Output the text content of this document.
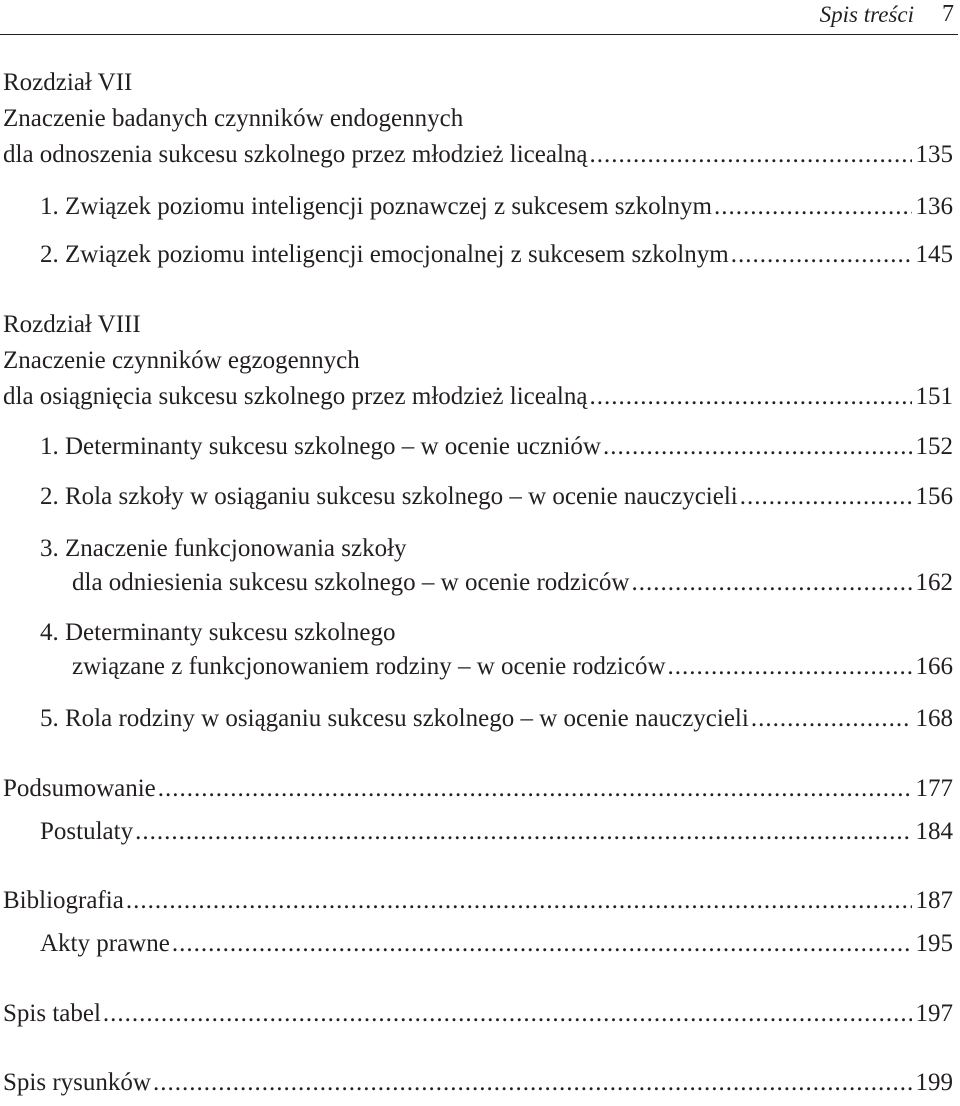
Spis treści 7
Rozdział VII
Znaczenie badanych czynników endogennych
dla odnoszenia sukcesu szkolnego przez młodzież licealną .....	135
1. Związek poziomu inteligencji poznawczej z sukcesem szkolnym .....	136
2. Związek poziomu inteligencji emocjonalnej z sukcesem szkolnym .....	145
Rozdział VIII
Znaczenie czynników egzogennych
dla osiągnięcia sukcesu szkolnego przez młodzież licealną .....	151
1. Determinanty sukcesu szkolnego – w ocenie uczniów .....	152
2. Rola szkoły w osiąganiu sukcesu szkolnego – w ocenie nauczycieli .....	156
3. Znaczenie funkcjonowania szkoły
dla odniesienia sukcesu szkolnego – w ocenie rodziców .....	162
4. Determinanty sukcesu szkolnego
związane z funkcjonowaniem rodziny – w ocenie rodziców .....	166
5. Rola rodziny w osiąganiu sukcesu szkolnego – w ocenie nauczycieli .....	168
Podsumowanie .....	177
Postulaty .....	184
Bibliografia .....	187
Akty prawne .....	195
Spis tabel .....	197
Spis rysunków .....	199
